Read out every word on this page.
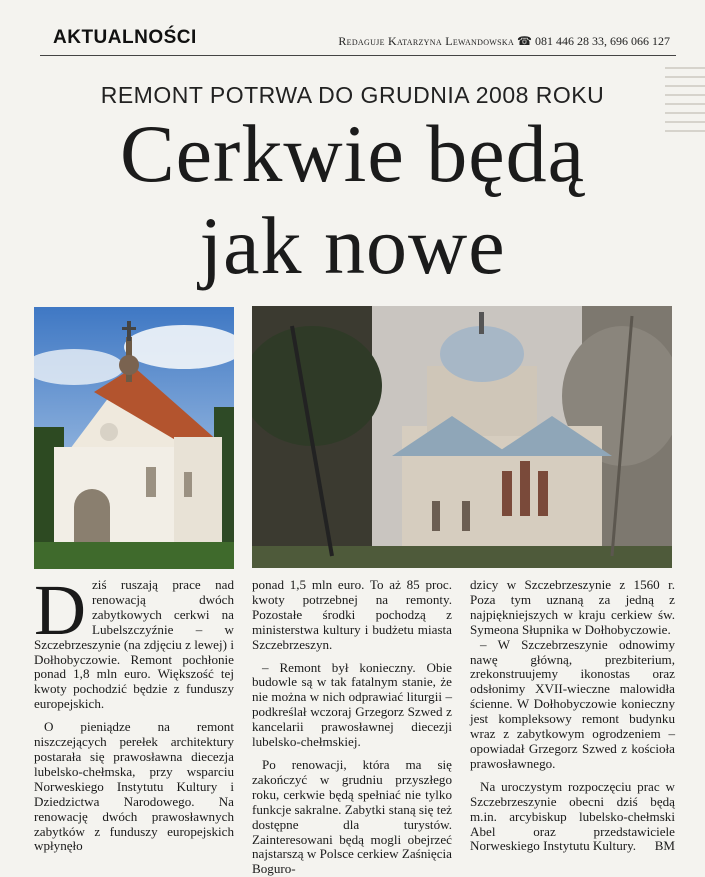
AKTUALNOŚCI	Redaguje Katarzyna Lewandowska ☎ 081 446 28 33, 696 066 127
REMONT POTRWA DO GRUDNIA 2008 ROKU
Cerkwie będą
jak nowe

Dziś ruszają prace nad renowacją dwóch zabytkowych cerkwi na Lubelszczyźnie – w Szczebrzeszynie (na zdjęciu z lewej) i Dołhobyczowie. Remont pochłonie ponad 1,8 mln euro. Większość tej kwoty pochodzić będzie z funduszy europejskich.

O pieniądze na remont niszczejących perełek architektury postarała się prawosławna diecezja lubelsko-chełmska, przy wsparciu Norweskiego Instytutu Kultury i Dziedzictwa Narodowego. Na renowację dwóch prawosławnych zabytków z funduszy europejskich wpłynęło

ponad 1,5 mln euro. To aż 85 proc. kwoty potrzebnej na remonty. Pozostałe środki pochodzą z ministerstwa kultury i budżetu miasta Szczebrzeszyn.

– Remont był konieczny. Obie budowle są w tak fatalnym stanie, że nie można w nich odprawiać liturgii – podkreślał wczoraj Grzegorz Szwed z kancelarii prawosławnej diecezji lubelsko-chełmskiej.

Po renowacji, która ma się zakończyć w grudniu przyszłego roku, cerkwie będą spełniać nie tylko funkcje sakralne. Zabytki staną się też dostępne dla turystów. Zainteresowani będą mogli obejrzeć najstarszą w Polsce cerkiew Zaśnięcia Boguro-

dzicy w Szczebrzeszynie z 1560 r. Poza tym uznaną za jedną z najpiękniejszych w kraju cerkiew św. Symeona Słupnika w Dołhobyczowie.

– W Szczebrzeszynie odnowimy nawę główną, prezbiterium, zrekonstruujemy ikonostas oraz odsłonimy XVII-wieczne malowidła ścienne. W Dołhobyczowie konieczny jest kompleksowy remont budynku wraz z zabytkowym ogrodzeniem – opowiadał Grzegorz Szwed z kościoła prawosławnego.

Na uroczystym rozpoczęciu prac w Szczebrzeszynie obecni dziś będą m.in. arcybiskup lubelsko-chełmski Abel oraz przedstawiciele Norweskiego Instytutu Kultury.	BM
